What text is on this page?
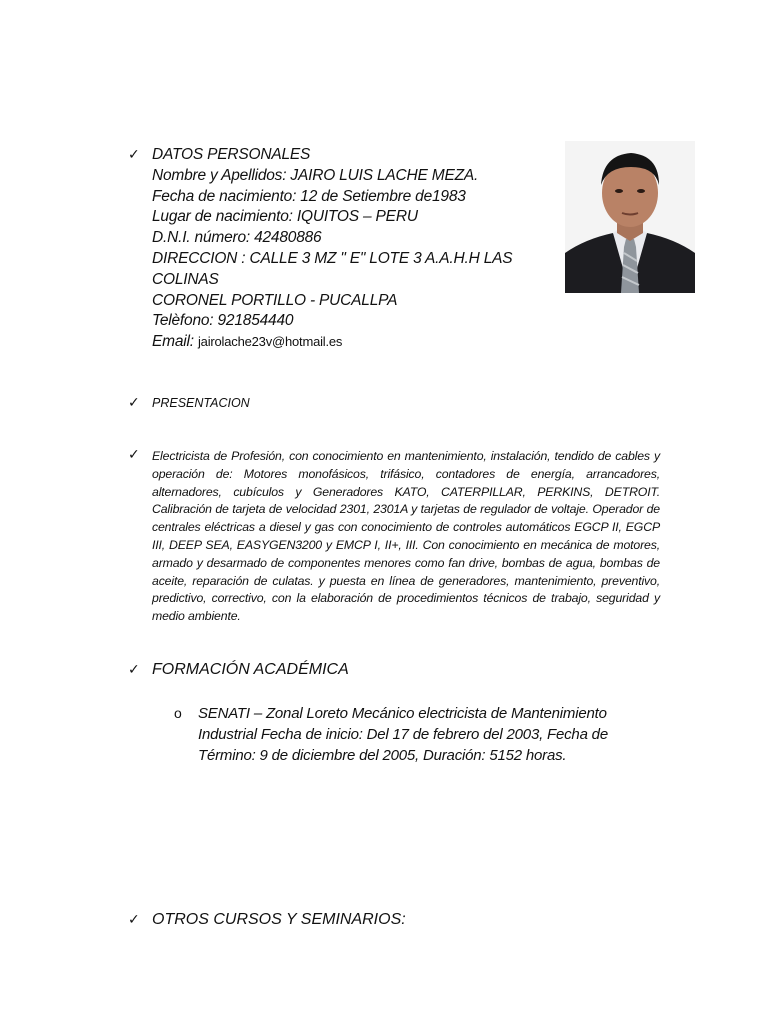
✓ DATOS PERSONALES
Nombre y Apellidos: JAIRO LUIS LACHE MEZA.
Fecha de nacimiento: 12 de Setiembre de1983
Lugar de nacimiento: IQUITOS – PERU
D.N.I. número: 42480886
DIRECCION : CALLE 3 MZ " E" LOTE 3 A.A.H.H LAS
COLINAS
CORONEL PORTILLO - PUCALLPA
Telèfono: 921854440
Email: jairolache23v@hotmail.es
✓ PRESENTACION
✓ Electricista de Profesión, con conocimiento en mantenimiento, instalación, tendido de cables y operación de: Motores monofásicos, trifásico, contadores de energía, arrancadores, alternadores, cubículos y Generadores KATO, CATERPILLAR, PERKINS, DETROIT. Calibración de tarjeta de velocidad 2301, 2301A y tarjetas de regulador de voltaje. Operador de centrales eléctricas a diesel y gas con conocimiento de controles automáticos EGCP II, EGCP III, DEEP SEA, EASYGEN3200 y EMCP I, II+, III. Con conocimiento en mecánica de motores, armado y desarmado de componentes menores como fan drive, bombas de agua, bombas de aceite, reparación de culatas. y puesta en línea de generadores, mantenimiento, preventivo, predictivo, correctivo, con la elaboración de procedimientos técnicos de trabajo, seguridad y medio ambiente.
✓ FORMACIÓN ACADÉMICA
o SENATI – Zonal Loreto Mecánico electricista de Mantenimiento Industrial Fecha de inicio: Del 17 de febrero del 2003, Fecha de Término: 9 de diciembre del 2005, Duración: 5152 horas.
✓ OTROS CURSOS Y SEMINARIOS:
